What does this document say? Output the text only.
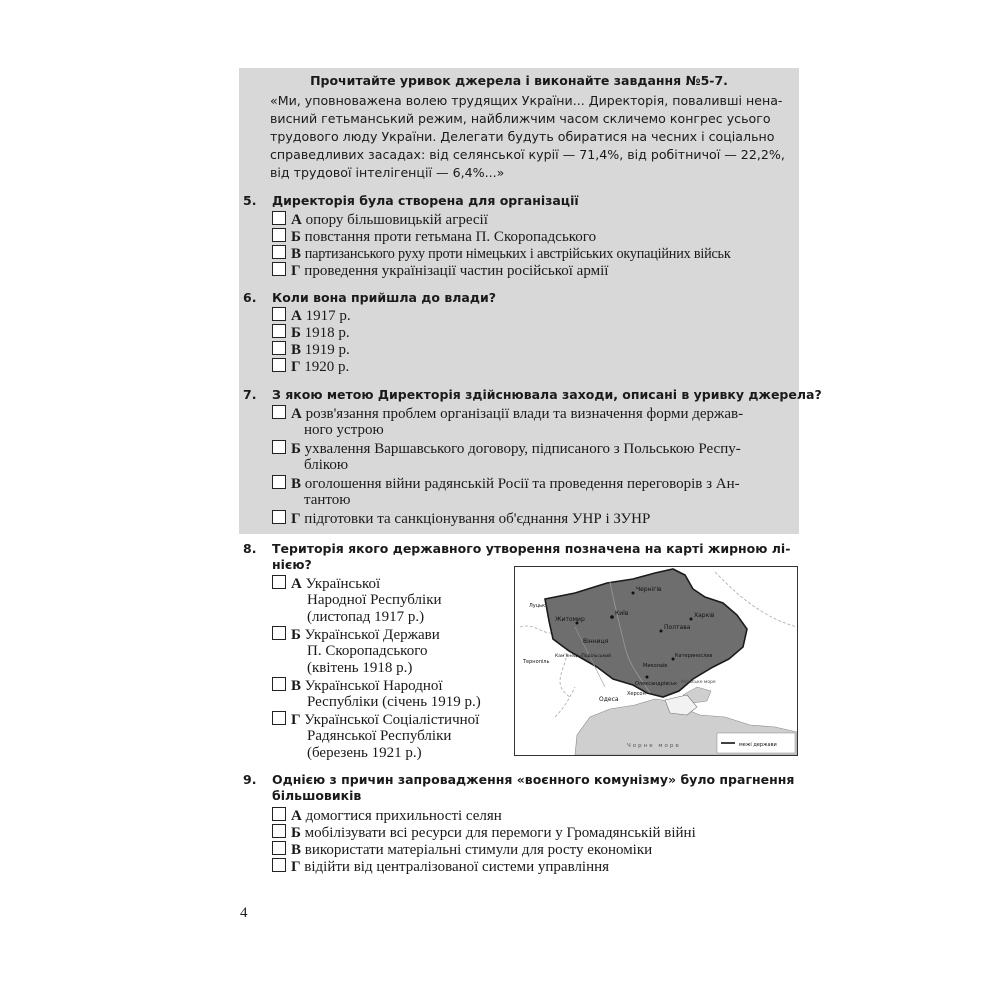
Прочитайте уривок джерела і виконайте завдання №5-7.
«Ми, уповноважена волею трудящих України... Директорія, повалившi нена-
висний гетьманський режим, найближчим часом скличемо конгрес усього
трудового люду України. Делегати будуть обиратися на чесних і соціально
справедливих засадах: від селянської курії — 71,4%, від робітничої — 22,2%,
від трудової інтелігенції — 6,4%...»
5. Директорія була створена для організації
А опору більшовицькій агресії
Б повстання проти гетьмана П. Скоропадського
В партизанського руху проти німецьких і австрійських окупаційних військ
Г проведення українізації частин російської армії
6. Коли вона прийшла до влади?
А 1917 р.
Б 1918 р.
В 1919 р.
Г 1920 р.
7. З якою метою Директорія здійснювала заходи, описані в уривку джерела?
А розв'язання проблем організації влади та визначення форми держав-
ного устрою
Б ухвалення Варшавського договору, підписаного з Польською Респу-
блікою
В оголошення війни радянській Росії та проведення переговорів з Ан-
тантою
Г підготовки та санкціонування об'єднання УНР і ЗУНР
8. Територія якого державного утворення позначена на карті жирною лі-
нією?
А Української
Народної Республіки
(листопад 1917 р.)
Б Української Держави
П. Скоропадського
(квітень 1918 р.)
В Української Народної
Республіки (січень 1919 р.)
Г Української Соціалістичної
Радянської Республіки
(березень 1921 р.)
Київ
Житомир
Чернігів
Полтава
Харків
Катеринослав
Олександрівськ
Вінниця
Одеса
Херсон
Кам'янець-Подільський
Тернопіль
Луцьк
Миколаїв
Чорне море
Азовське море
межі держави
9. Однією з причин запровадження «воєнного комунізму» було прагнення
більшовиків
А домогтися прихильності селян
Б мобілізувати всі ресурси для перемоги у Громадянській війні
В використати матеріальні стимули для росту економіки
Г відійти від централізованої системи управління
4
